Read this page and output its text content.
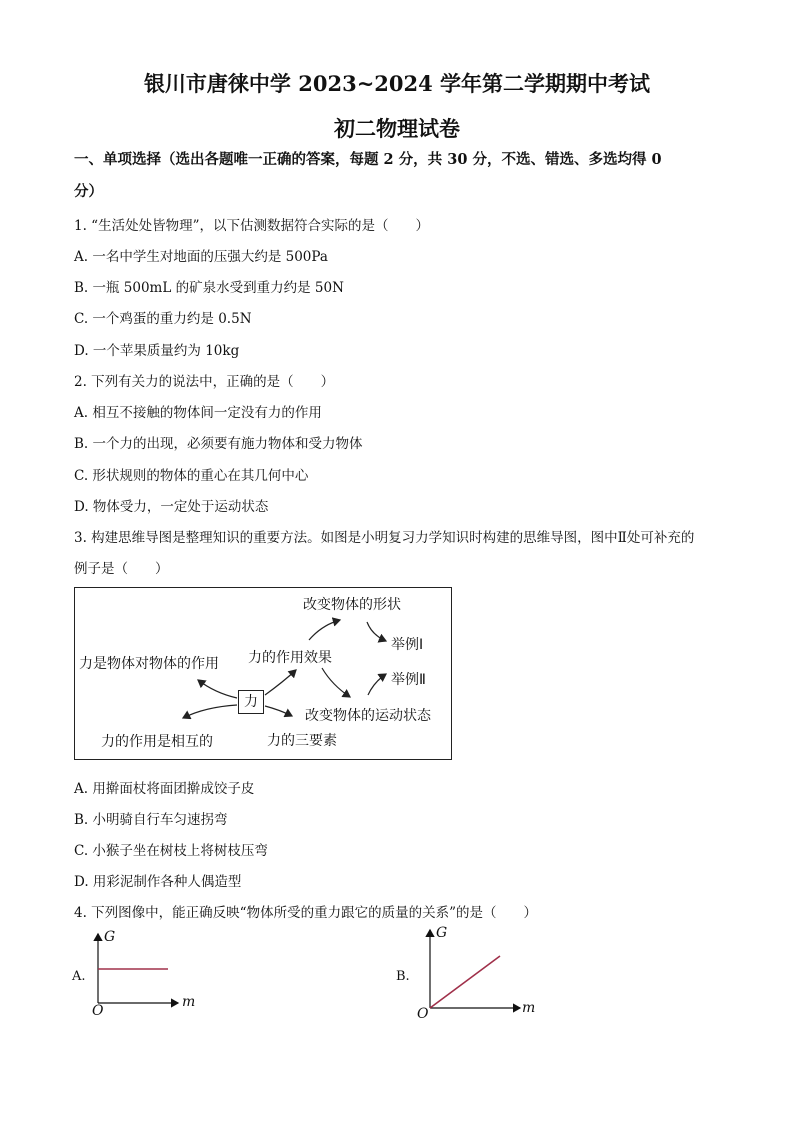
银川市唐徕中学 2023~2024 学年第二学期期中考试
初二物理试卷
一、单项选择（选出各题唯一正确的答案，每题 2 分，共 30 分，不选、错选、多选均得 0
分）
1. “生活处处皆物理”，以下估测数据符合实际的是（　　）
A. 一名中学生对地面的压强大约是 500Pa
B. 一瓶 500mL 的矿泉水受到重力约是 50N
C. 一个鸡蛋的重力约是 0.5N
D. 一个苹果质量约为 10kg
2. 下列有关力的说法中，正确的是（　　）
A. 相互不接触的物体间一定没有力的作用
B. 一个力的出现，必须要有施力物体和受力物体
C. 形状规则的物体的重心在其几何中心
D. 物体受力，一定处于运动状态
3. 构建思维导图是整理知识的重要方法。如图是小明复习力学知识时构建的思维导图，图中Ⅱ处可补充的
例子是（　　）
改变物体的形状
举例Ⅰ
力是物体对物体的作用 力的作用效果
举例Ⅱ
力
改变物体的运动状态
力的作用是相互的	力的三要素
A. 用擀面杖将面团擀成饺子皮
B. 小明骑自行车匀速拐弯
C. 小猴子坐在树枝上将树枝压弯
D. 用彩泥制作各种人偶造型
4. 下列图像中，能正确反映“物体所受的重力跟它的质量的关系”的是（　　）
A.
G
m
O
B.
G
m
O
